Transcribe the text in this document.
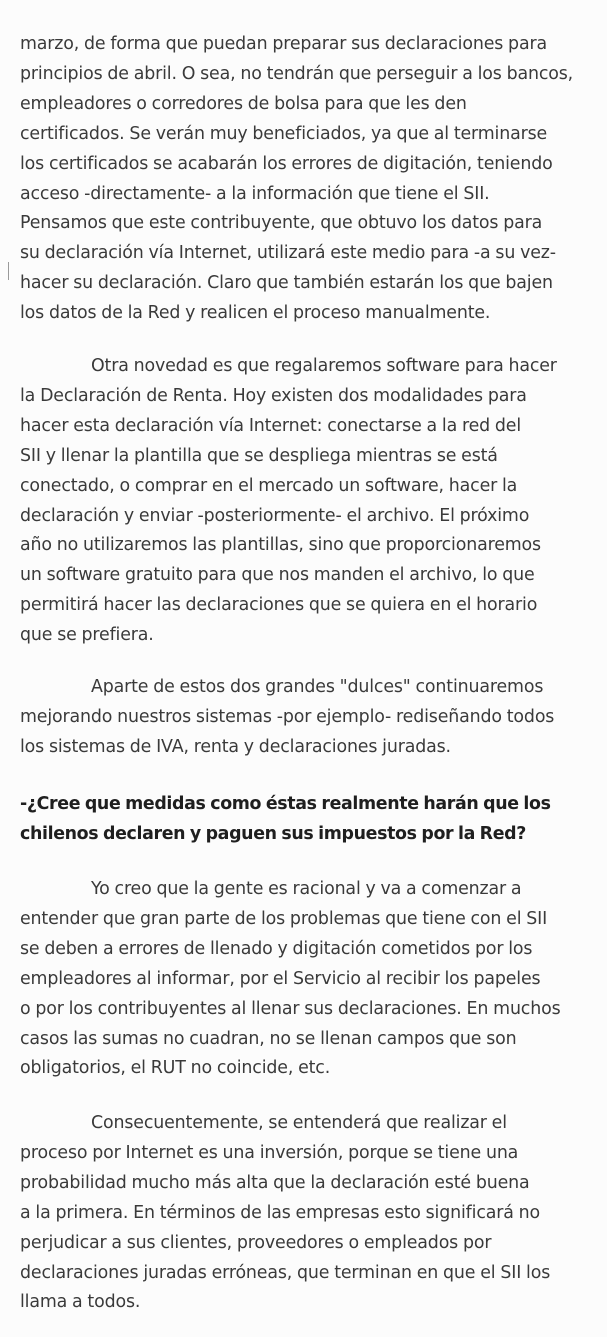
marzo, de forma que puedan preparar sus declaraciones para
principios de abril. O sea, no tendrán que perseguir a los bancos,
empleadores o corredores de bolsa para que les den
certificados. Se verán muy beneficiados, ya que al terminarse
los certificados se acabarán los errores de digitación, teniendo
acceso -directamente- a la información que tiene el SII.
Pensamos que este contribuyente, que obtuvo los datos para
su declaración vía Internet, utilizará este medio para -a su vez-
hacer su declaración. Claro que también estarán los que bajen
los datos de la Red y realicen el proceso manualmente.

Otra novedad es que regalaremos software para hacer
la Declaración de Renta. Hoy existen dos modalidades para
hacer esta declaración vía Internet: conectarse a la red del
SII y llenar la plantilla que se despliega mientras se está
conectado, o comprar en el mercado un software, hacer la
declaración y enviar -posteriormente- el archivo. El próximo
año no utilizaremos las plantillas, sino que proporcionaremos
un software gratuito para que nos manden el archivo, lo que
permitirá hacer las declaraciones que se quiera en el horario
que se prefiera.

Aparte de estos dos grandes "dulces" continuaremos
mejorando nuestros sistemas -por ejemplo- rediseñando todos
los sistemas de IVA, renta y declaraciones juradas.

-¿Cree que medidas como éstas realmente harán que los
chilenos declaren y paguen sus impuestos por la Red?

Yo creo que la gente es racional y va a comenzar a
entender que gran parte de los problemas que tiene con el SII
se deben a errores de llenado y digitación cometidos por los
empleadores al informar, por el Servicio al recibir los papeles
o por los contribuyentes al llenar sus declaraciones. En muchos
casos las sumas no cuadran, no se llenan campos que son
obligatorios, el RUT no coincide, etc.

Consecuentemente, se entenderá que realizar el
proceso por Internet es una inversión, porque se tiene una
probabilidad mucho más alta que la declaración esté buena
a la primera. En términos de las empresas esto significará no
perjudicar a sus clientes, proveedores o empleados por
declaraciones juradas erróneas, que terminan en que el SII los
llama a todos.
